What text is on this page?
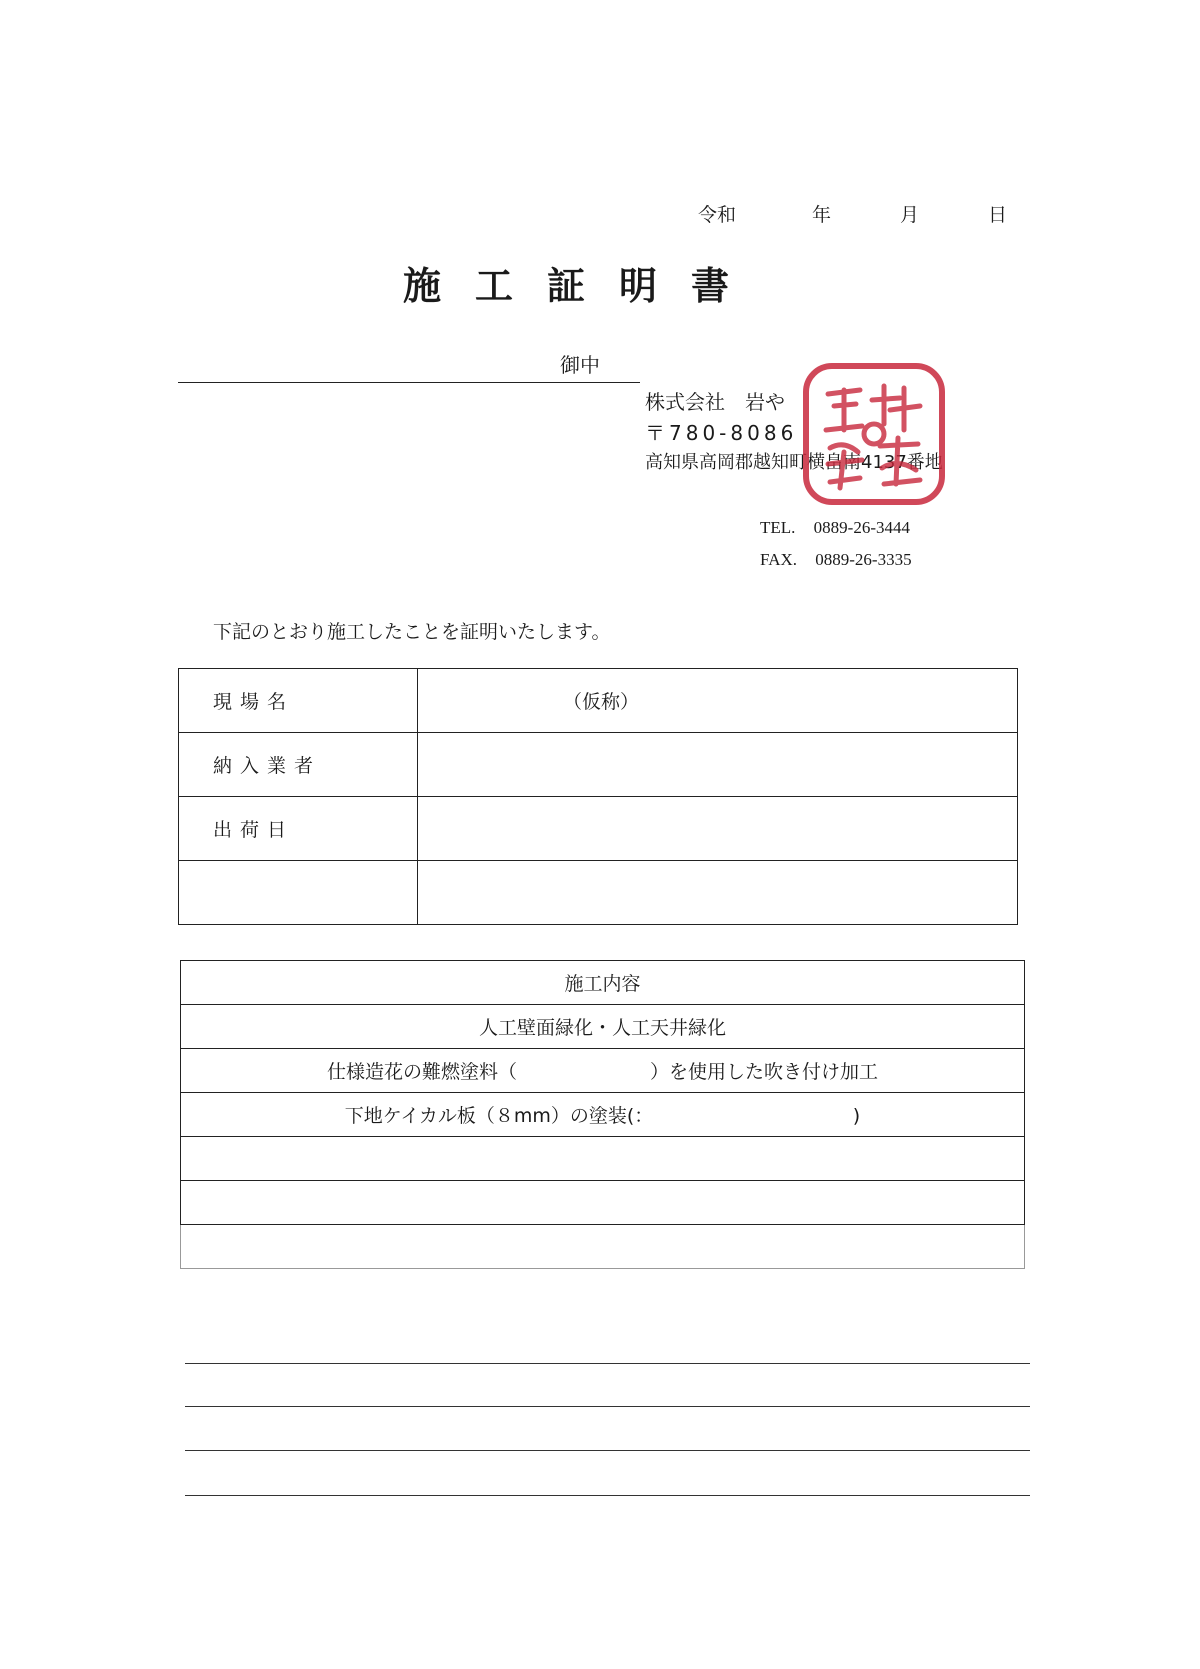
令和	年	月	日
施工証明書
御中
株式会社　岩や
〒780-8086
高知県高岡郡越知町横畠南4137番地
TEL. 0889-26-3444
FAX. 0889-26-3335
下記のとおり施工したことを証明いたします。
現場名	（仮称）
納入業者	
出荷日	

施工内容
人工壁面緑化・人工天井緑化
仕様造花の難燃塗料（　　　　　　　）を使用した吹き付け加工
下地ケイカル板（８mm）の塗装(：　　　　　　　　　　　)
